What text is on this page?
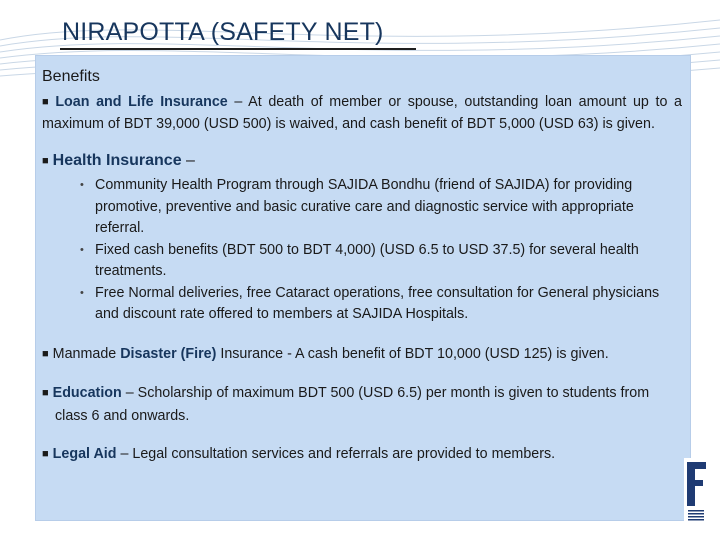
NIRAPOTTA (SAFETY NET)
Benefits

■ Loan and Life Insurance – At death of member or spouse, outstanding loan amount up to a maximum of BDT 39,000 (USD 500) is waived, and cash benefit of BDT 5,000 (USD 63) is given.

■ Health Insurance –
• Community Health Program through SAJIDA Bondhu (friend of SAJIDA) for providing promotive, preventive and basic curative care and diagnostic service with appropriate referral.
• Fixed cash benefits (BDT 500 to BDT 4,000) (USD 6.5 to USD 37.5) for several health treatments.
• Free Normal deliveries, free Cataract operations, free consultation for General physicians and discount rate offered to members at SAJIDA Hospitals.

■ Manmade Disaster (Fire) Insurance - A cash benefit of BDT 10,000 (USD 125) is given.

■ Education – Scholarship of maximum BDT 500 (USD 6.5) per month is given to students from class 6 and onwards.

■ Legal Aid – Legal consultation services and referrals are provided to members.
